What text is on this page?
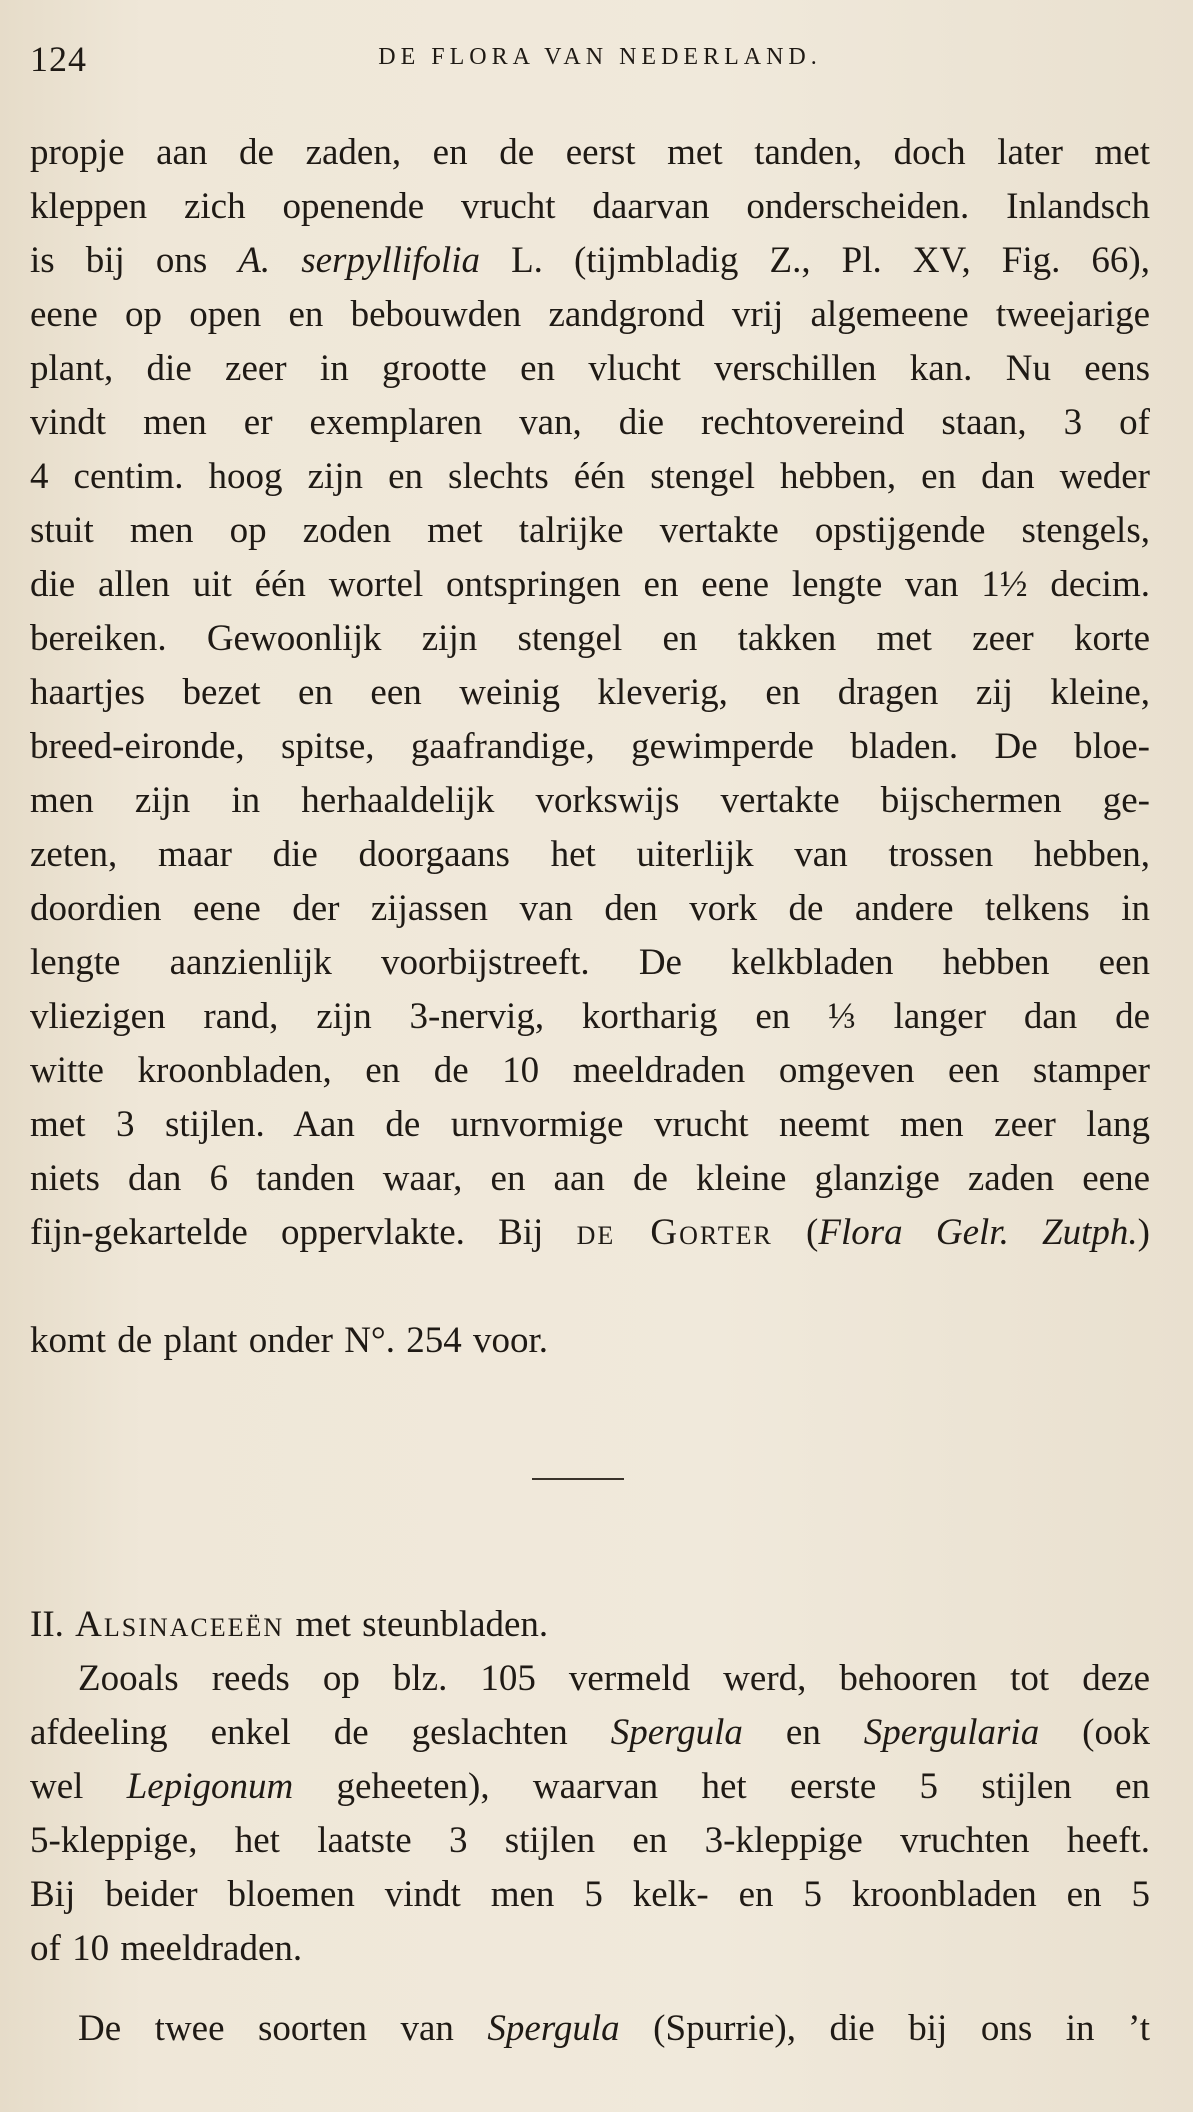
124	DE FLORA VAN NEDERLAND.
propje aan de zaden, en de eerst met tanden, doch later met
kleppen zich openende vrucht daarvan onderscheiden. Inlandsch
is bij ons A. serpyllifolia L. (tijmbladig Z., Pl. XV, Fig. 66),
eene op open en bebouwden zandgrond vrij algemeene tweejarige
plant, die zeer in grootte en vlucht verschillen kan. Nu eens
vindt men er exemplaren van, die rechtovereind staan, 3 of
4 centim. hoog zijn en slechts één stengel hebben, en dan weder
stuit men op zoden met talrijke vertakte opstijgende stengels,
die allen uit één wortel ontspringen en eene lengte van 1½ decim.
bereiken. Gewoonlijk zijn stengel en takken met zeer korte
haartjes bezet en een weinig kleverig, en dragen zij kleine,
breed-eironde, spitse, gaafrandige, gewimperde bladen. De bloe-
men zijn in herhaaldelijk vorkswijs vertakte bijschermen ge-
zeten, maar die doorgaans het uiterlijk van trossen hebben,
doordien eene der zijassen van den vork de andere telkens in
lengte aanzienlijk voorbijstreeft. De kelkbladen hebben een
vliezigen rand, zijn 3-nervig, kortharig en ⅓ langer dan de
witte kroonbladen, en de 10 meeldraden omgeven een stamper
met 3 stijlen. Aan de urnvormige vrucht neemt men zeer lang
niets dan 6 tanden waar, en aan de kleine glanzige zaden eene
fijn-gekartelde oppervlakte. Bij de Gorter (Flora Gelr. Zutph.)
komt de plant onder N°. 254 voor.
II. Alsinaceeën met steunbladen.
Zooals reeds op blz. 105 vermeld werd, behooren tot deze
afdeeling enkel de geslachten Spergula en Spergularia (ook
wel Lepigonum geheeten), waarvan het eerste 5 stijlen en
5-kleppige, het laatste 3 stijlen en 3-kleppige vruchten heeft.
Bij beider bloemen vindt men 5 kelk- en 5 kroonbladen en 5
of 10 meeldraden.
De twee soorten van Spergula (Spurrie), die bij ons in ’t
